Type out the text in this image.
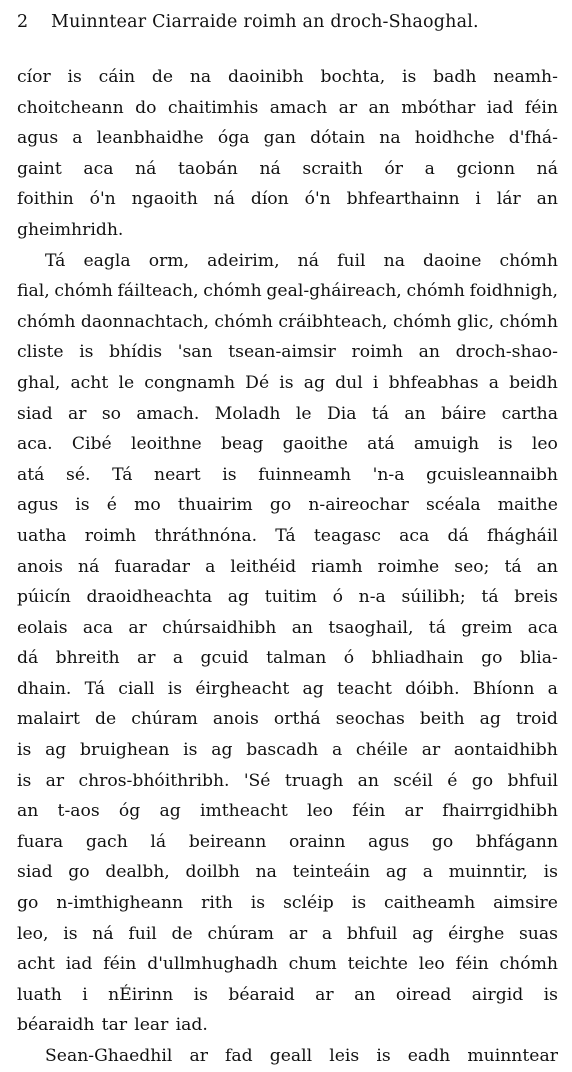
2	Muinntear Ciarraide roimh an droch-Shaoghal.
cíor is cáin de na daoinibh bochta, is badh neamh-
choitcheann do chaitimhis amach ar an mbóthar iad féin
agus a leanbhaidhe óga gan dótain na hoidhche d'fhá-
gaint aca ná taobán ná scraith ór a gcionn ná
foithin ó'n ngaoith ná díon ó'n bhfearthainn i lár an
gheimhridh.
Tá eagla orm, adeirim, ná fuil na daoine chómh
fial, chómh fáilteach, chómh geal-gháireach, chómh foidhnigh,
chómh daonnachtach, chómh cráibhteach, chómh glic, chómh
cliste is bhídis 'san tsean-aimsir roimh an droch-shao-
ghal, acht le congnamh Dé is ag dul i bhfeabhas a beidh
siad ar so amach. Moladh le Dia tá an báire cartha
aca. Cibé leoithne beag gaoithe atá amuigh is leo
atá sé. Tá neart is fuinneamh 'n-a gcuisleannaibh
agus is é mo thuairim go n-aireochar scéala maithe
uatha roimh thráthnóna. Tá teagasc aca dá fhágháil
anois ná fuaradar a leithéid riamh roimhe seo; tá an
púicín draoidheachta ag tuitim ó n-a súilibh; tá breis
eolais aca ar chúrsaidhibh an tsaoghail, tá greim aca
dá bhreith ar a gcuid talman ó bhliadhain go blia-
dhain. Tá ciall is éirgheacht ag teacht dóibh. Bhíonn a
malairt de chúram anois orthá seochas beith ag troid
is ag bruighean is ag bascadh a chéile ar aontaidhibh
is ar chros-bhóithribh. 'Sé truagh an scéil é go bhfuil
an t-aos óg ag imtheacht leo féin ar fhairrgidhibh
fuara gach lá beireann orainn agus go bhfágann
siad go dealbh, doilbh na teinteáin ag a muinntir, is
go n-imthigheann rith is scléip is caitheamh aimsire
leo, is ná fuil de chúram ar a bhfuil ag éirghe suas
acht iad féin d'ullmhughadh chum teichte leo féin chómh
luath i nÉirinn is béaraid ar an oiread airgid is
béaraidh tar lear iad.
Sean-Ghaedhil ar fad geall leis is eadh muinntear
